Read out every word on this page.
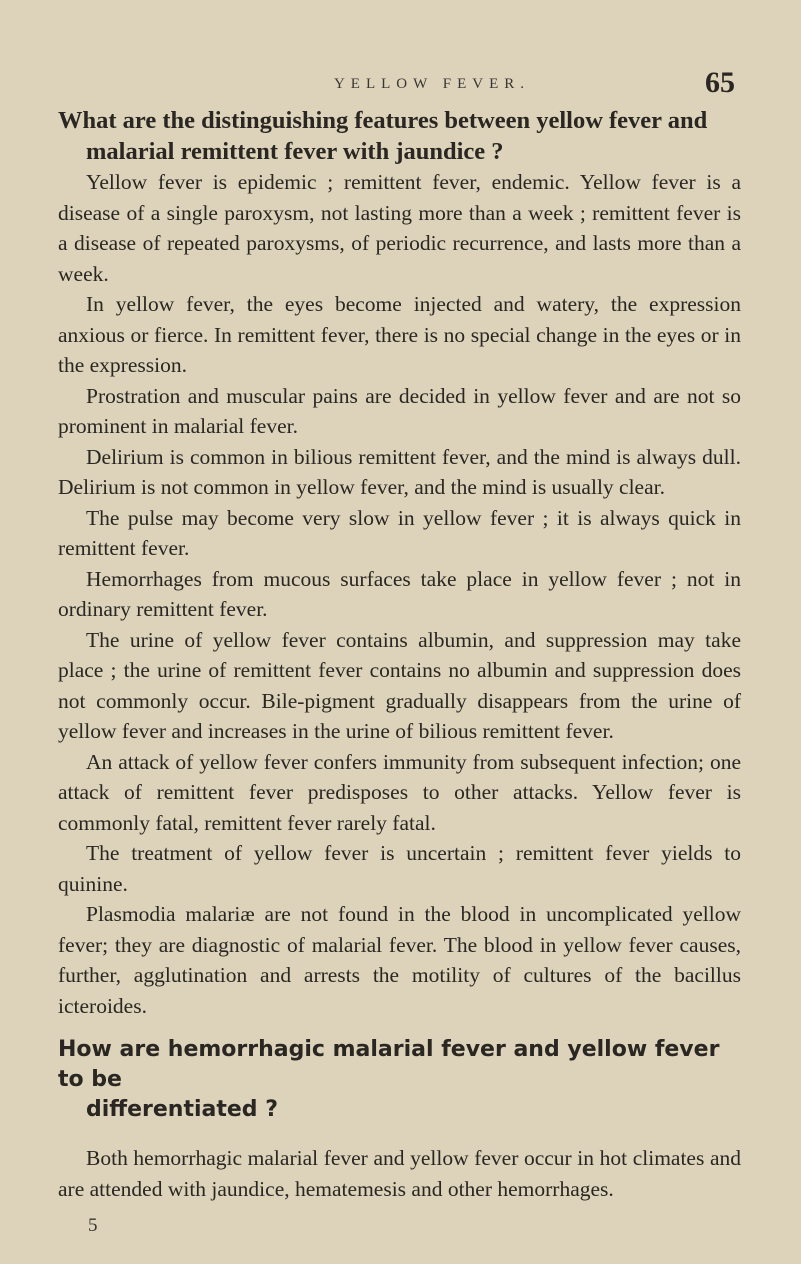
YELLOW FEVER.	65
What are the distinguishing features between yellow fever and
malarial remittent fever with jaundice ?

Yellow fever is epidemic ; remittent fever, endemic. Yellow fever is a disease of a single paroxysm, not lasting more than a week ; remittent fever is a disease of repeated paroxysms, of periodic recurrence, and lasts more than a week.

In yellow fever, the eyes become injected and watery, the expression anxious or fierce. In remittent fever, there is no special change in the eyes or in the expression.

Prostration and muscular pains are decided in yellow fever and are not so prominent in malarial fever.

Delirium is common in bilious remittent fever, and the mind is always dull. Delirium is not common in yellow fever, and the mind is usually clear.

The pulse may become very slow in yellow fever ; it is always quick in remittent fever.

Hemorrhages from mucous surfaces take place in yellow fever ; not in ordinary remittent fever.

The urine of yellow fever contains albumin, and suppression may take place ; the urine of remittent fever contains no albumin and suppression does not commonly occur. Bile-pigment gradually disappears from the urine of yellow fever and increases in the urine of bilious remittent fever.

An attack of yellow fever confers immunity from subsequent infection; one attack of remittent fever predisposes to other attacks. Yellow fever is commonly fatal, remittent fever rarely fatal.

The treatment of yellow fever is uncertain ; remittent fever yields to quinine.

Plasmodia malariæ are not found in the blood in uncomplicated yellow fever; they are diagnostic of malarial fever. The blood in yellow fever causes, further, agglutination and arrests the motility of cultures of the bacillus icteroides.

How are hemorrhagic malarial fever and yellow fever to be
differentiated ?

Both hemorrhagic malarial fever and yellow fever occur in hot climates and are attended with jaundice, hematemesis and other hemorrhages.

5
